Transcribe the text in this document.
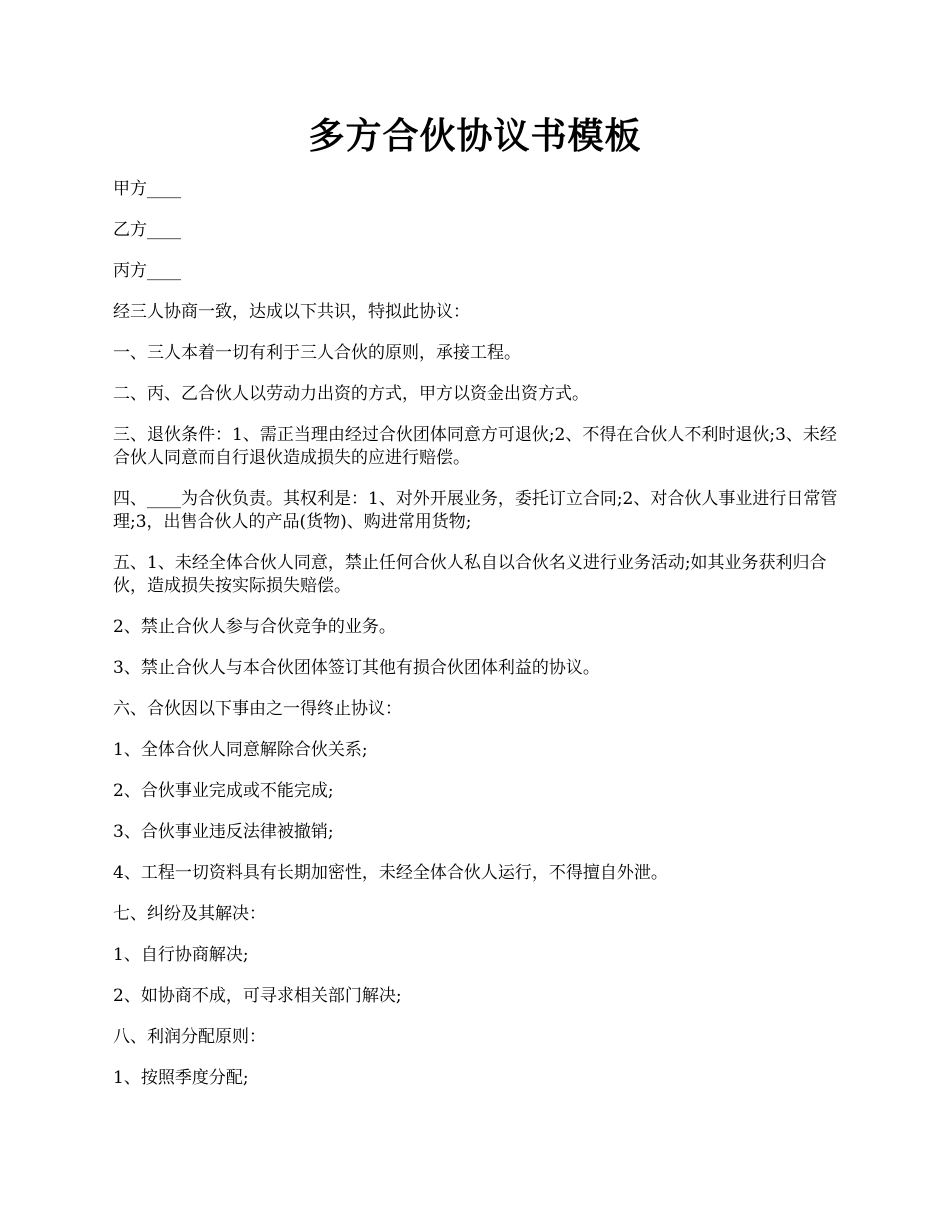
多方合伙协议书模板

甲方____

乙方____

丙方____

经三人协商一致，达成以下共识，特拟此协议：

一、三人本着一切有利于三人合伙的原则，承接工程。

二、丙、乙合伙人以劳动力出资的方式，甲方以资金出资方式。

三、退伙条件：1、需正当理由经过合伙团体同意方可退伙;2、不得在合伙人不利时退伙;3、未经合伙人同意而自行退伙造成损失的应进行赔偿。

四、____为合伙负责。其权利是：1、对外开展业务，委托订立合同;2、对合伙人事业进行日常管理;3，出售合伙人的产品(货物)、购进常用货物;

五、1、未经全体合伙人同意，禁止任何合伙人私自以合伙名义进行业务活动;如其业务获利归合伙，造成损失按实际损失赔偿。

2、禁止合伙人参与合伙竞争的业务。

3、禁止合伙人与本合伙团体签订其他有损合伙团体利益的协议。

六、合伙因以下事由之一得终止协议：

1、全体合伙人同意解除合伙关系;

2、合伙事业完成或不能完成;

3、合伙事业违反法律被撤销;

4、工程一切资料具有长期加密性，未经全体合伙人运行，不得擅自外泄。

七、纠纷及其解决：

1、自行协商解决;

2、如协商不成，可寻求相关部门解决;

八、利润分配原则：

1、按照季度分配;
